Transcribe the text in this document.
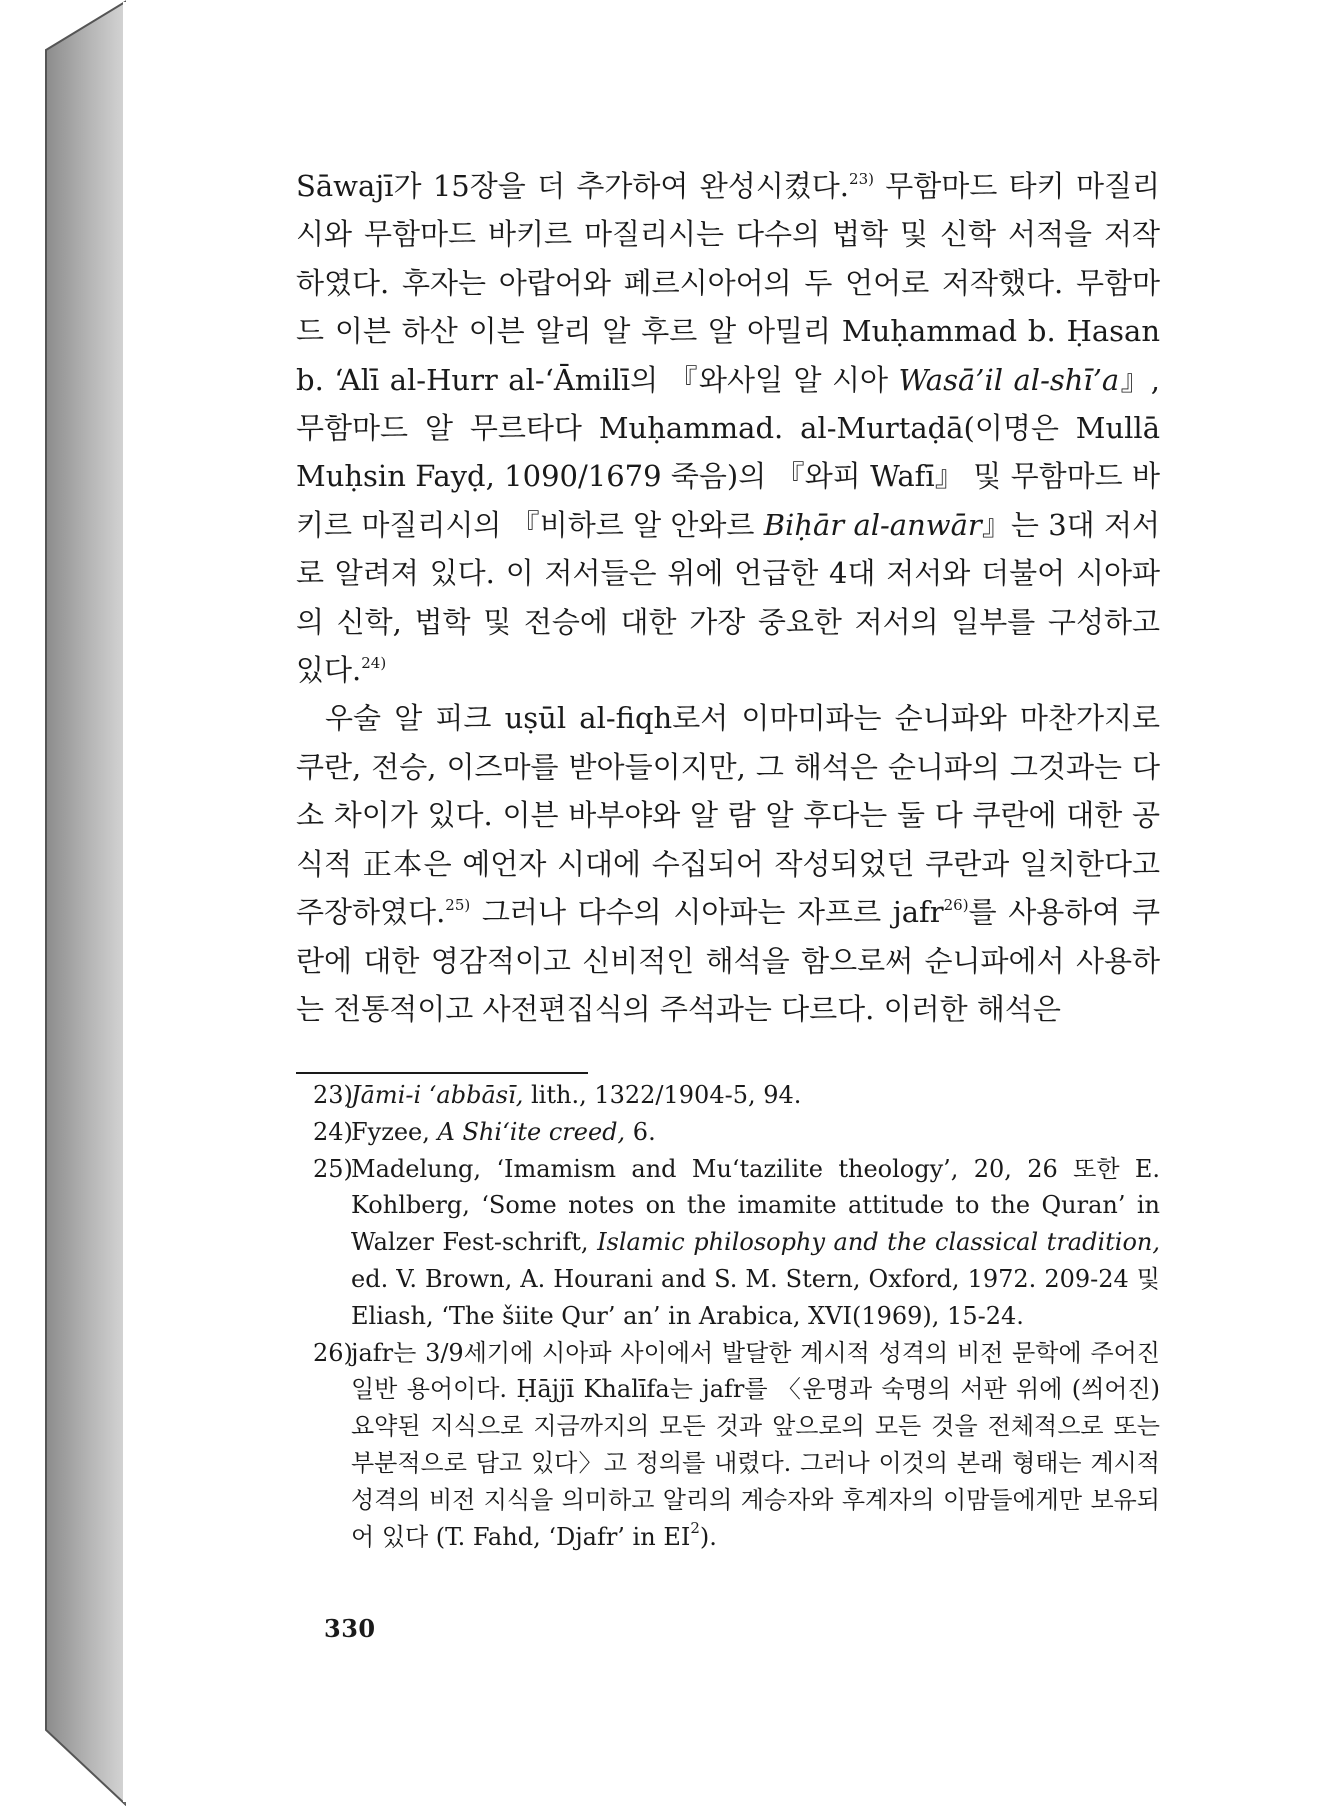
Sāwajī가 15장을 더 추가하여 완성시켰다.$^{23)}$ 무함마드 타키 마질리시와 무함마드 바키르 마질리시는 다수의 법학 및 신학 서적을 저작하였다. 후자는 아랍어와 페르시아어의 두 언어로 저작했다. 무함마드 이븐 하산 이븐 알리 알 후르 알 아밀리 Muḥammad b. Ḥasan b. ‘Alī al-Hurr al-‘Āmilī의 『와사일 알 시아 Wasā’il al-shī’a』, 무함마드 알 무르타다 Muḥammad. al-Murtaḍā(이명은 Mullā Muḥsin Fayḍ, 1090/1679 죽음)의 『와피 Wafī』 및 무함마드 바키르 마질리시의 『비하르 알 안와르 Biḥār al-anwār』는 3대 저서로 알려져 있다. 이 저서들은 위에 언급한 4대 저서와 더불어 시아파의 신학, 법학 및 전승에 대한 가장 중요한 저서의 일부를 구성하고 있다.$^{24)}$

우술 알 피크 uṣūl al-fiqh로서 이마미파는 순니파와 마찬가지로 쿠란, 전승, 이즈마를 받아들이지만, 그 해석은 순니파의 그것과는 다소 차이가 있다. 이븐 바부야와 알 람 알 후다는 둘 다 쿠란에 대한 공식적 正本은 예언자 시대에 수집되어 작성되었던 쿠란과 일치한다고 주장하였다.$^{25)}$ 그러나 다수의 시아파는 자프르 jafr$^{26)}$를 사용하여 쿠란에 대한 영감적이고 신비적인 해석을 함으로써 순니파에서 사용하는 전통적이고 사전편집식의 주석과는 다르다. 이러한 해석은

23)Jāmi-i ‘abbāsī, lith., 1322/1904-5, 94.

24)Fyzee, A Shi‘ite creed, 6.

25)Madelung, ‘Imamism and Mu‘tazilite theology’, 20, 26 또한 E. Kohlberg, ‘Some notes on the imamite attitude to the Quran’ in Walzer Fest-schrift, Islamic philosophy and the classical tradition, ed. V. Brown, A. Hourani and S. M. Stern, Oxford, 1972. 209-24 및 Eliash, ‘The šiite Qur’ an’ in Arabica, XVI(1969), 15-24.

26)jafr는 3/9세기에 시아파 사이에서 발달한 계시적 성격의 비전 문학에 주어진 일반 용어이다. Ḥājjī Khalīfa는 jafr를 〈운명과 숙명의 서판 위에 (씌어진) 요약된 지식으로 지금까지의 모든 것과 앞으로의 모든 것을 전체적으로 또는 부분적으로 담고 있다〉고 정의를 내렸다. 그러나 이것의 본래 형태는 계시적 성격의 비전 지식을 의미하고 알리의 계승자와 후계자의 이맘들에게만 보유되어 있다 (T. Fahd, ‘Djafr’ in $EI^2$).

330
